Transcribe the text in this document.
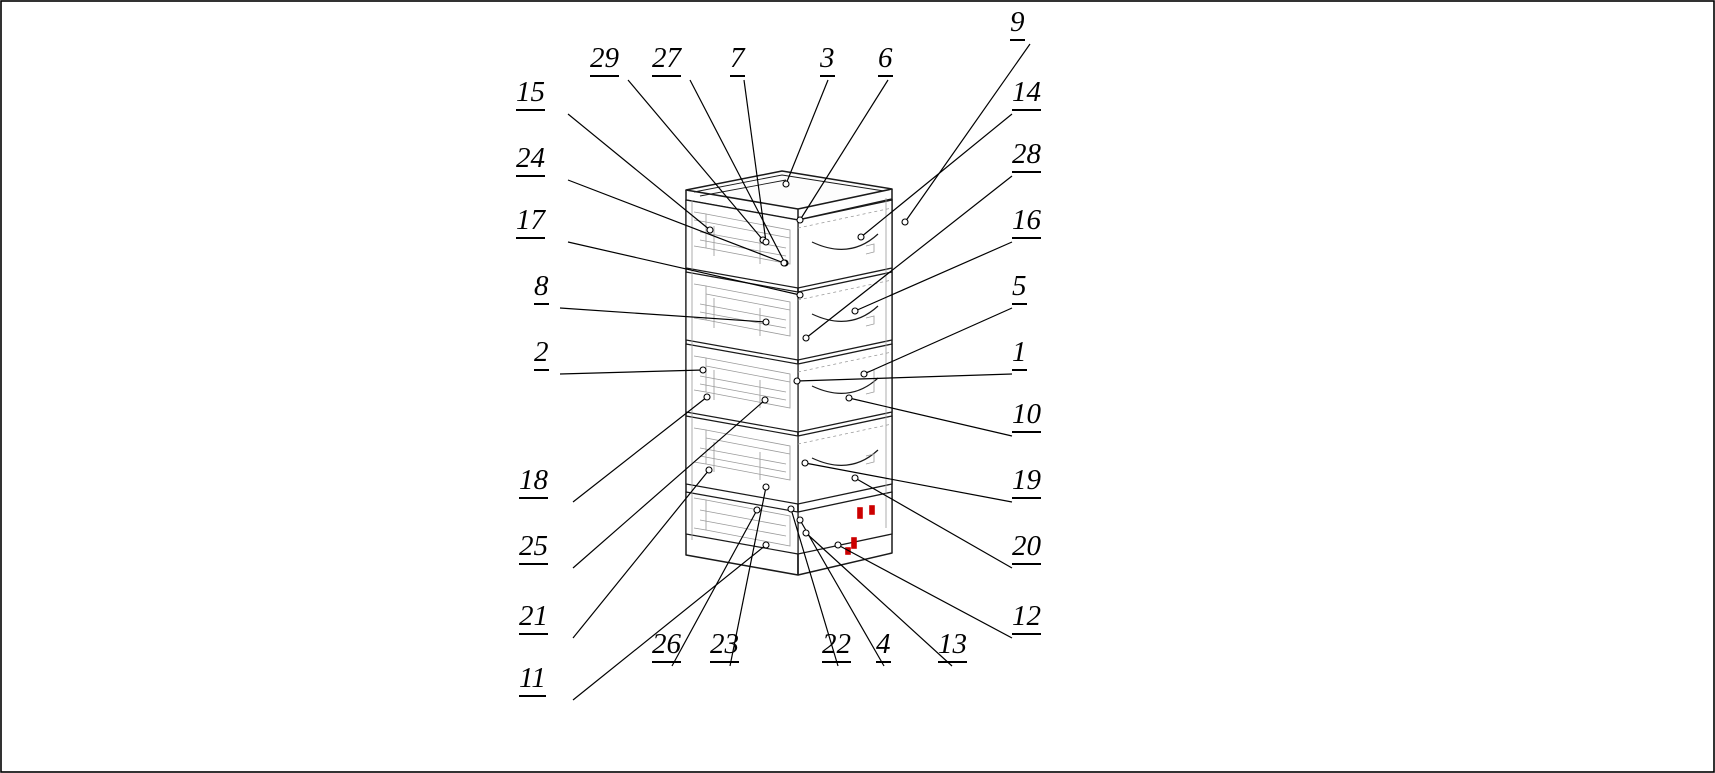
9
29 27 7	3 6
14
15
24	28
17	16
8	5
2	1
10
18	19
25	20
21	12
26 23	22 4 13
11
